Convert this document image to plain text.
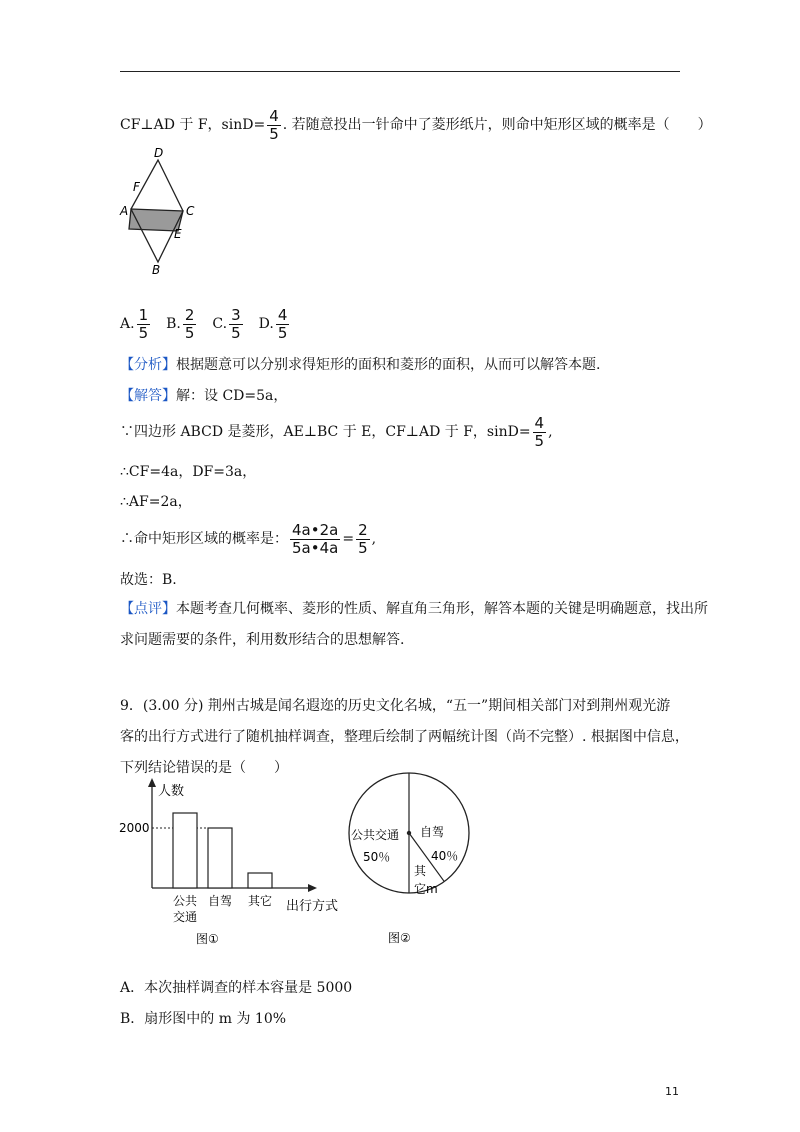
CF⊥AD 于 F，$\sin D= \frac{4}{5}$ . 若随意投出一针命中了菱形纸片，则命中矩形区域的概率是（　　）
D
F
A	C
E
B
A. $\frac{1}{5} B$. $\frac{2}{5} C$. $\frac{3}{5} D$. $\frac{4}{5}$
【分析】根据题意可以分别求得矩形的面积和菱形的面积，从而可以解答本题.
【解答】解：设 CD=5a，
∵四边形 ABCD 是菱形，AE⊥BC 于 E，CF⊥AD 于 F，$\sin D= \frac{4}{5}$ ,
∴CF=4a，DF=3a，
∴AF=2a，
∴命中矩形区域的概率是： $\frac{4a•2a}{5a•4a} = \frac{2}{5}$ ,
故选：B.
【点评】本题考查几何概率、菱形的性质、解直角三角形，解答本题的关键是明确题意，找出所
求问题需要的条件，利用数形结合的思想解答.
9．(3.00 分) 荆州古城是闻名遐迩的历史文化名城，“五一”期间相关部门对到荆州观光游
客的出行方式进行了随机抽样调查，整理后绘制了两幅统计图（尚不完整）. 根据图中信息，
下列结论错误的是（　　）
人数
出行方式
2000
公共
交通
自驾 其它
图①
公共交通
50％
自驾
40％
其
它m
图②
A．本次抽样调查的样本容量是 5000
B．扇形图中的 m 为 10%
11
